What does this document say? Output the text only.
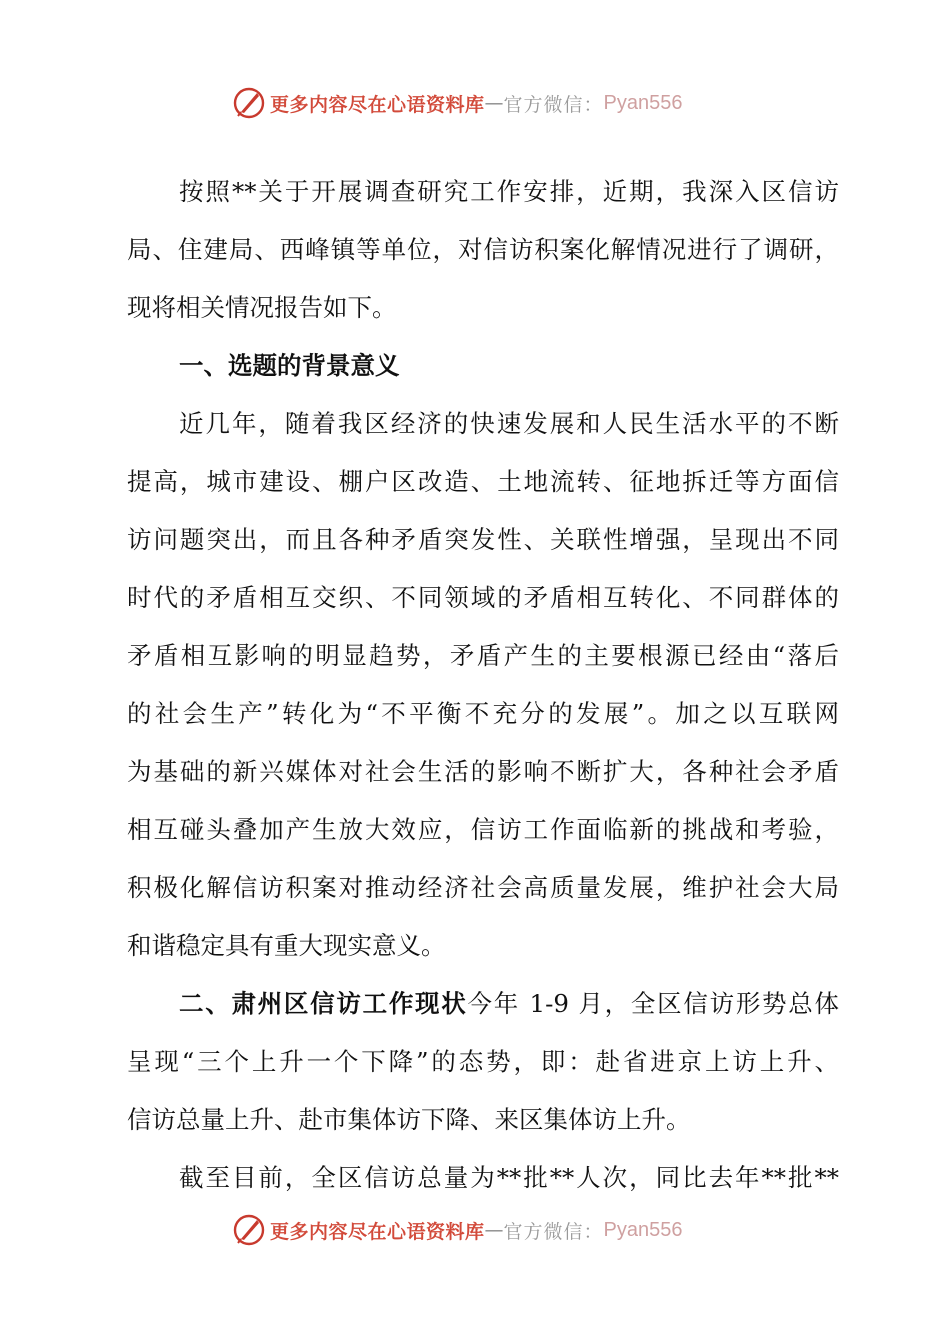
更多内容尽在心语资料库 — 官方微信： Pyan556
按照**关于开展调查研究工作安排，近期，我深入区信访
局、住建局、西峰镇等单位，对信访积案化解情况进行了调研，
现将相关情况报告如下。
一、选题的背景意义
近几年，随着我区经济的快速发展和人民生活水平的不断
提高，城市建设、棚户区改造、土地流转、征地拆迁等方面信
访问题突出，而且各种矛盾突发性、关联性增强，呈现出不同
时代的矛盾相互交织、不同领域的矛盾相互转化、不同群体的
矛盾相互影响的明显趋势，矛盾产生的主要根源已经由“落后
的社会生产”转化为“不平衡不充分的发展”。加之以互联网
为基础的新兴媒体对社会生活的影响不断扩大，各种社会矛盾
相互碰头叠加产生放大效应，信访工作面临新的挑战和考验，
积极化解信访积案对推动经济社会高质量发展，维护社会大局
和谐稳定具有重大现实意义。
二、肃州区信访工作现状今年 1-9 月，全区信访形势总体
呈现“三个上升一个下降”的态势，即：赴省进京上访上升、
信访总量上升、赴市集体访下降、来区集体访上升。
截至目前，全区信访总量为**批**人次，同比去年**批**
更多内容尽在心语资料库 — 官方微信： Pyan556
